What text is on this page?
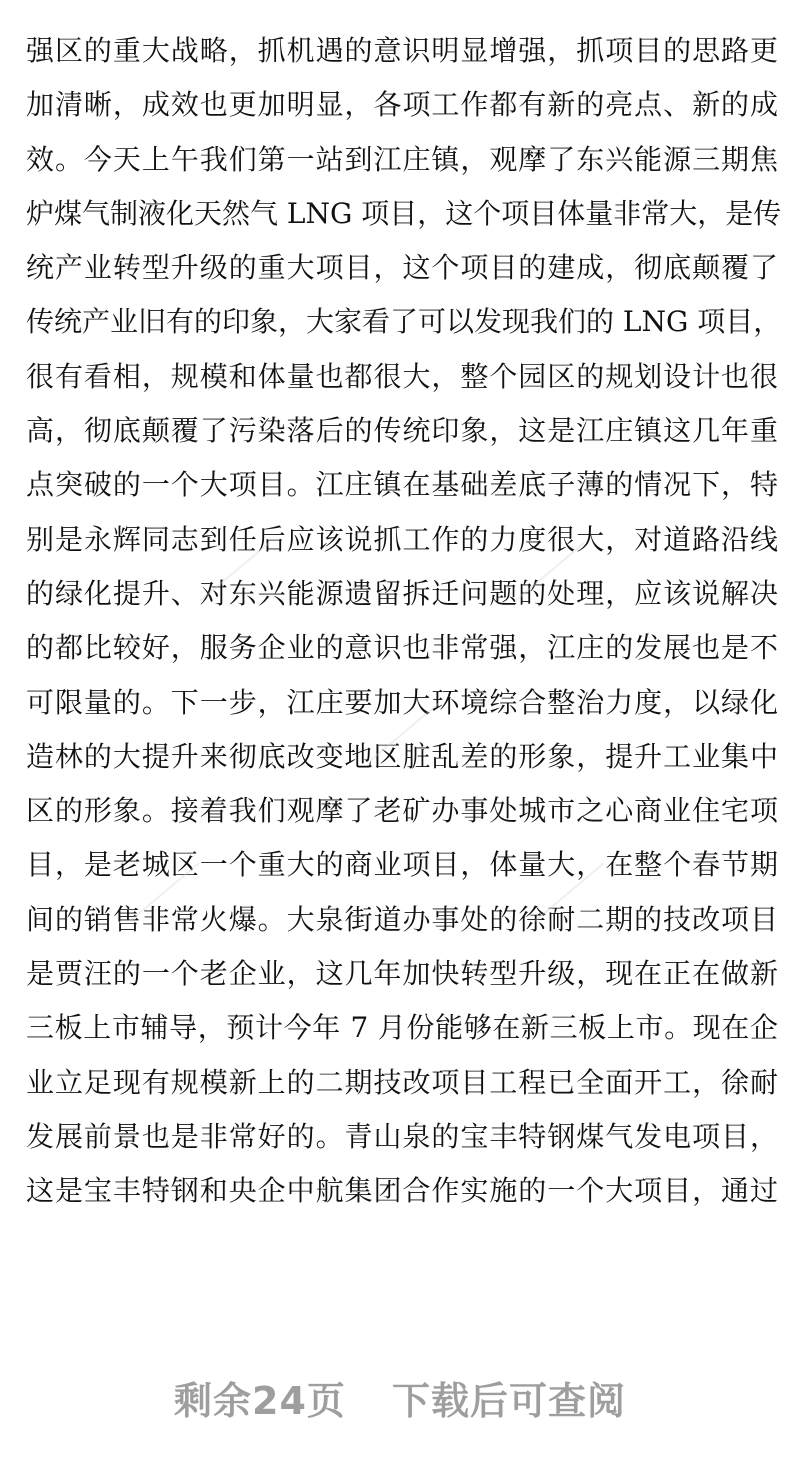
强区的重大战略，抓机遇的意识明显增强，抓项目的思路更
加清晰，成效也更加明显，各项工作都有新的亮点、新的成
效。今天上午我们第一站到江庄镇，观摩了东兴能源三期焦
炉煤气制液化天然气 LNG 项目，这个项目体量非常大，是传
统产业转型升级的重大项目，这个项目的建成，彻底颠覆了
传统产业旧有的印象，大家看了可以发现我们的 LNG 项目，
很有看相，规模和体量也都很大，整个园区的规划设计也很
高，彻底颠覆了污染落后的传统印象，这是江庄镇这几年重
点突破的一个大项目。江庄镇在基础差底子薄的情况下，特
别是永辉同志到任后应该说抓工作的力度很大，对道路沿线
的绿化提升、对东兴能源遗留拆迁问题的处理，应该说解决
的都比较好，服务企业的意识也非常强，江庄的发展也是不
可限量的。下一步，江庄要加大环境综合整治力度，以绿化
造林的大提升来彻底改变地区脏乱差的形象，提升工业集中
区的形象。接着我们观摩了老矿办事处城市之心商业住宅项
目，是老城区一个重大的商业项目，体量大，在整个春节期
间的销售非常火爆。大泉街道办事处的徐耐二期的技改项目
是贾汪的一个老企业，这几年加快转型升级，现在正在做新
三板上市辅导，预计今年 7 月份能够在新三板上市。现在企
业立足现有规模新上的二期技改项目工程已全面开工，徐耐
发展前景也是非常好的。青山泉的宝丰特钢煤气发电项目，
这是宝丰特钢和央企中航集团合作实施的一个大项目，通过
剩余24页 下载后可查阅
